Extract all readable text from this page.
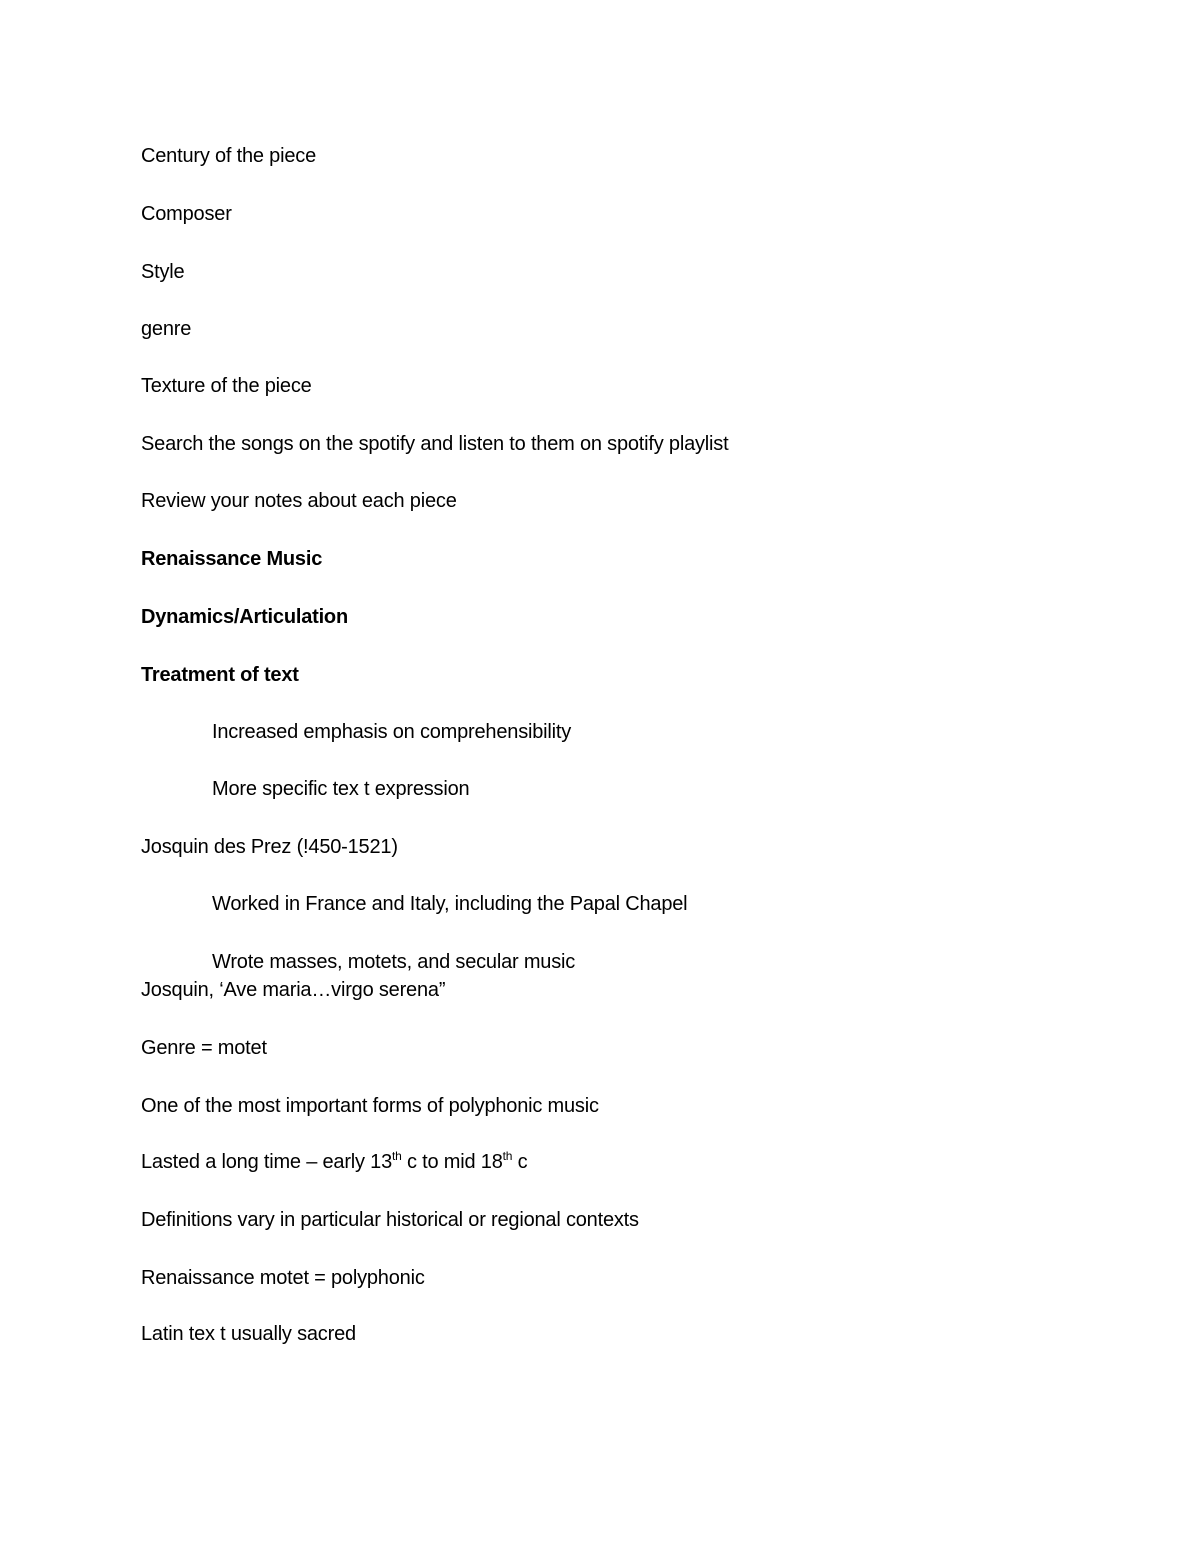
Century of the piece
Composer
Style
genre
Texture of the piece
Search the songs on the spotify and listen to them on spotify playlist
Review your notes about each piece
Renaissance Music
Dynamics/Articulation
Treatment of text
Increased emphasis on comprehensibility
More specific tex t expression
Josquin des Prez (!450-1521)
Worked in France and Italy, including the Papal Chapel
Wrote masses, motets, and secular music
Josquin, ‘Ave maria…virgo serena”
Genre = motet
One of the most important forms of polyphonic music
Lasted a long time – early 13th c to mid 18th c
Definitions vary in particular historical or regional contexts
Renaissance motet = polyphonic
Latin tex t usually sacred
